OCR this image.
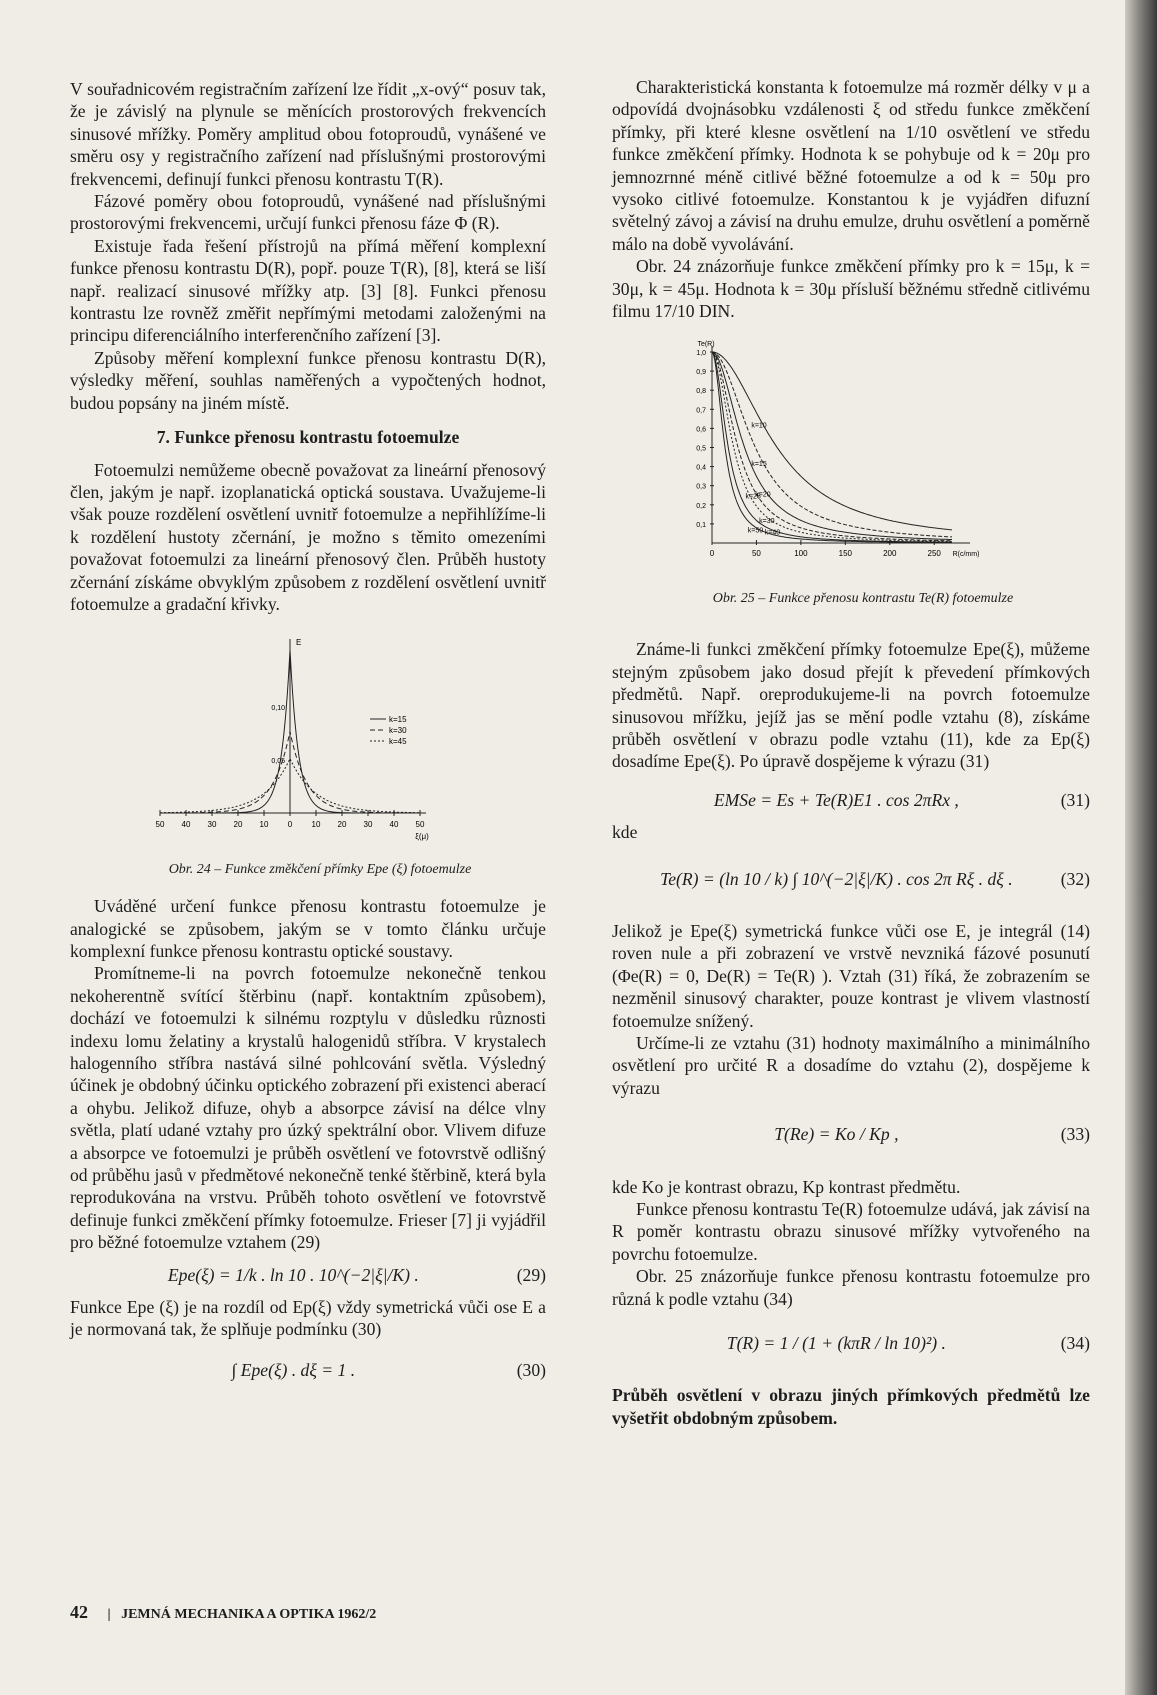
V souřadnicovém registračním zařízení lze řídit „x-ový“ posuv tak, že je závislý na plynule se měnících prostorových frekvencích sinusové mřížky. Poměry amplitud obou fotoproudů, vynášené ve směru osy y registračního zařízení nad příslušnými prostorovými frekvencemi, definují funkci přenosu kontrastu T(R).

Fázové poměry obou fotoproudů, vynášené nad příslušnými prostorovými frekvencemi, určují funkci přenosu fáze Φ (R).

Existuje řada řešení přístrojů na přímá měření komplexní funkce přenosu kontrastu D(R), popř. pouze T(R), [8], která se liší např. realizací sinusové mřížky atp. [3] [8]. Funkci přenosu kontrastu lze rovněž změřit nepřímými metodami založenými na principu diferenciálního interferenčního zařízení [3].

Způsoby měření komplexní funkce přenosu kontrastu D(R), výsledky měření, souhlas naměřených a vypočtených hodnot, budou popsány na jiném místě.

7. Funkce přenosu kontrastu fotoemulze

Fotoemulzi nemůžeme obecně považovat za lineární přenosový člen, jakým je např. izoplanatická optická soustava. Uvažujeme-li však pouze rozdělení osvětlení uvnitř fotoemulze a nepřihlížíme-li k rozdělení hustoty zčernání, je možno s těmito omezeními považovat fotoemulzi za lineární přenosový člen. Průběh hustoty zčernání získáme obvyklým způsobem z rozdělení osvětlení uvnitř fotoemulze a gradační křivky.

50 40 30 20 10 0 10 20 30 40 50
ξ(μ)
E
0,10
0,05
k=15
k=30
k=45

Obr. 24 – Funkce změkčení přímky Epe (ξ) fotoemulze

Uváděné určení funkce přenosu kontrastu fotoemulze je analogické se způsobem, jakým se v tomto článku určuje komplexní funkce přenosu kontrastu optické soustavy.

Promítneme-li na povrch fotoemulze nekonečně tenkou nekoherentně svítící štěrbinu (např. kontaktním způsobem), dochází ve fotoemulzi k silnému rozptylu v důsledku různosti indexu lomu želatiny a krystalů halogenidů stříbra. V krystalech halogenního stříbra nastává silné pohlcování světla. Výsledný účinek je obdobný účinku optického zobrazení při existenci aberací a ohybu. Jelikož difuze, ohyb a absorpce závisí na délce vlny světla, platí udané vztahy pro úzký spektrální obor. Vlivem difuze a absorpce ve fotoemulzi je průběh osvětlení ve fotovrstvě odlišný od průběhu jasů v předmětové nekonečně tenké štěrbině, která byla reprodukována na vrstvu. Průběh tohoto osvětlení ve fotovrstvě definuje funkci změkčení přímky fotoemulze. Frieser [7] ji vyjádřil pro běžné fotoemulze vztahem (29)

Epe(ξ) = 1/k . ln 10 . 10^(−2|ξ|/K) .	(29)

Funkce Epe (ξ) je na rozdíl od Ep(ξ) vždy symetrická vůči ose E a je normovaná tak, že splňuje podmínku (30)

∫ Epe(ξ) . dξ = 1 .	(30)

Charakteristická konstanta k fotoemulze má rozměr délky v μ a odpovídá dvojnásobku vzdálenosti ξ od středu funkce změkčení přímky, při které klesne osvětlení na 1/10 osvětlení ve středu funkce změkčení přímky. Hodnota k se pohybuje od k = 20μ pro jemnozrnné méně citlivé běžné fotoemulze a od k = 50μ pro vysoko citlivé fotoemulze. Konstantou k je vyjádřen difuzní světelný závoj a závisí na druhu emulze, druhu osvětlení a poměrně málo na době vyvolávání.

Obr. 24 znázorňuje funkce změkčení přímky pro k = 15μ, k = 30μ, k = 45μ. Hodnota k = 30μ přísluší běžnému středně citlivému filmu 17/10 DIN.

0	50	100	150	200	250 R(c/mm)
Te(R)
1,0
0,9
0,8
0,7
0,6
0,5
0,4
0,3
0,2
0,1
k=10
k=15
k=20
k=25
k=30
k=40
k=50

Obr. 25 – Funkce přenosu kontrastu Te(R) fotoemulze

Známe-li funkci změkčení přímky fotoemulze Epe(ξ), můžeme stejným způsobem jako dosud přejít k převedení přímkových předmětů. Např. oreprodukujeme-li na povrch fotoemulze sinusovou mřížku, jejíž jas se mění podle vztahu (8), získáme průběh osvětlení v obrazu podle vztahu (11), kde za Ep(ξ) dosadíme Epe(ξ). Po úpravě dospějeme k výrazu (31)

EMSe = Es + Te(R)E1 . cos 2πRx ,	(31)

kde

Te(R) = (ln 10 / k) ∫ 10^(−2|ξ|/K) . cos 2π Rξ . dξ .	(32)

Jelikož je Epe(ξ) symetrická funkce vůči ose E, je integrál (14) roven nule a při zobrazení ve vrstvě nevzniká fázové posunutí (Φe(R) = 0, De(R) = Te(R) ). Vztah (31) říká, že zobrazením se nezměnil sinusový charakter, pouze kontrast je vlivem vlastností fotoemulze snížený.

Určíme-li ze vztahu (31) hodnoty maximálního a minimálního osvětlení pro určité R a dosadíme do vztahu (2), dospějeme k výrazu

T(Re) = Ko / Kp ,	(33)

kde Ko je kontrast obrazu, Kp kontrast předmětu.

Funkce přenosu kontrastu Te(R) fotoemulze udává, jak závisí na R poměr kontrastu obrazu sinusové mřížky vytvořeného na povrchu fotoemulze.

Obr. 25 znázorňuje funkce přenosu kontrastu fotoemulze pro různá k podle vztahu (34)

T(R) = 1 / (1 + (kπR / ln 10)²) .	(34)

Průběh osvětlení v obrazu jiných přímkových předmětů lze vyšetřit obdobným způsobem.

42 |   JEMNÁ MECHANIKA A OPTIKA 1962/2
